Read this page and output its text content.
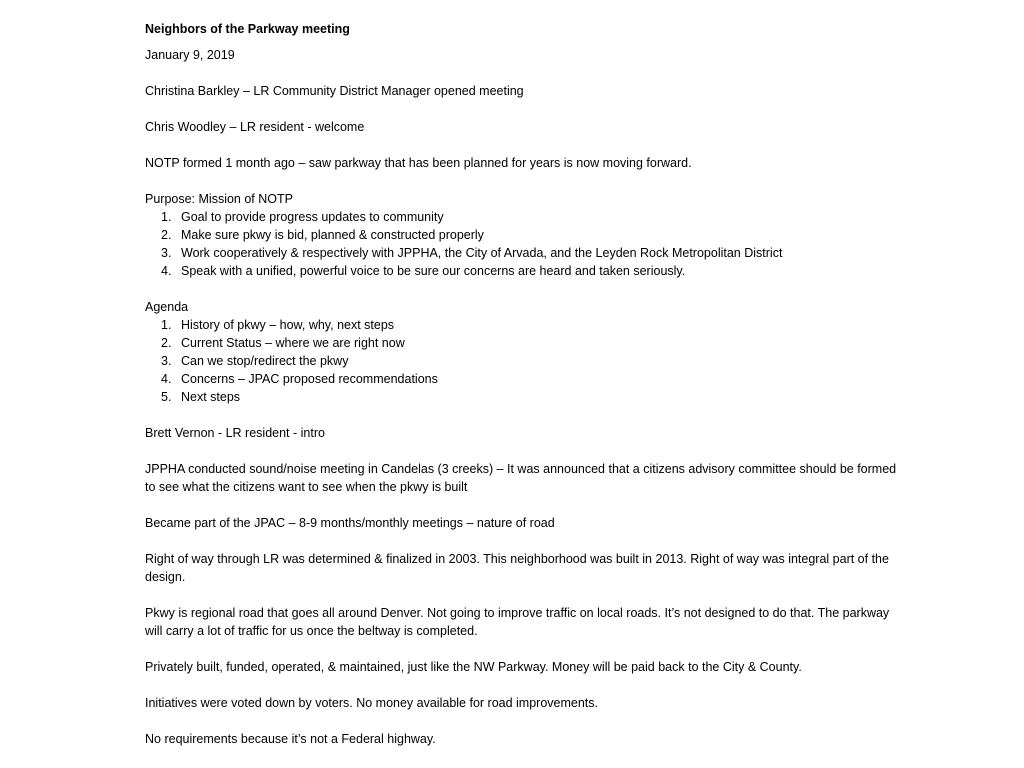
Neighbors of the Parkway meeting

January 9, 2019

Christina Barkley – LR Community District Manager opened meeting

Chris Woodley – LR resident - welcome

NOTP formed 1 month ago – saw parkway that has been planned for years is now moving forward.

Purpose: Mission of NOTP

1. Goal to provide progress updates to community
2. Make sure pkwy is bid, planned & constructed properly
3. Work cooperatively & respectively with JPPHA, the City of Arvada, and the Leyden Rock Metropolitan District
4. Speak with a unified, powerful voice to be sure our concerns are heard and taken seriously.

Agenda

1. History of pkwy – how, why, next steps
2. Current Status – where we are right now
3. Can we stop/redirect the pkwy
4. Concerns – JPAC proposed recommendations
5. Next steps

Brett Vernon - LR resident - intro

JPPHA conducted sound/noise meeting in Candelas (3 creeks) – It was announced that a citizens advisory committee should be formed to see what the citizens want to see when the pkwy is built

Became part of the JPAC – 8-9 months/monthly meetings – nature of road

Right of way through LR was determined & finalized in 2003. This neighborhood was built in 2013. Right of way was integral part of the design.

Pkwy is regional road that goes all around Denver. Not going to improve traffic on local roads. It’s not designed to do that. The parkway will carry a lot of traffic for us once the beltway is completed.

Privately built, funded, operated, & maintained, just like the NW Parkway. Money will be paid back to the City & County.

Initiatives were voted down by voters. No money available for road improvements.

No requirements because it’s not a Federal highway.
